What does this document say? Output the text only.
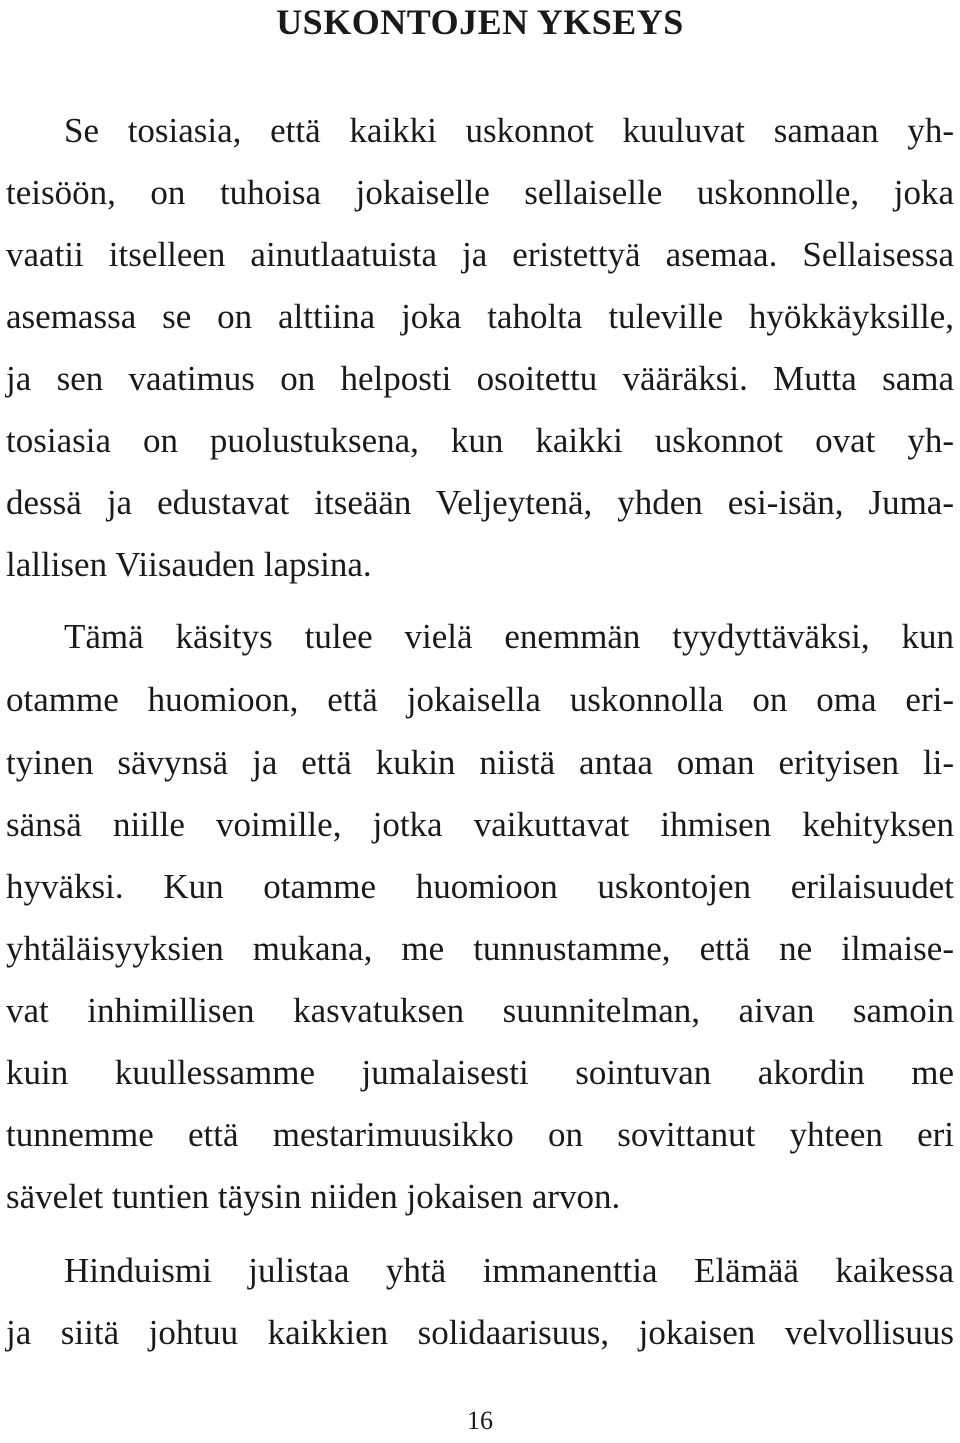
USKONTOJEN YKSEYS
Se tosiasia, että kaikki uskonnot kuuluvat samaan yh-
teisöön, on tuhoisa jokaiselle sellaiselle uskonnolle, joka
vaatii itselleen ainutlaatuista ja eristettyä asemaa. Sellaisessa
asemassa se on alttiina joka taholta tuleville hyökkäyksille,
ja sen vaatimus on helposti osoitettu vääräksi. Mutta sama
tosiasia on puolustuksena, kun kaikki uskonnot ovat yh-
dessä ja edustavat itseään Veljeytenä, yhden esi-isän, Juma-
lallisen Viisauden lapsina.
Tämä käsitys tulee vielä enemmän tyydyttäväksi, kun
otamme huomioon, että jokaisella uskonnolla on oma eri-
tyinen sävynsä ja että kukin niistä antaa oman erityisen li-
sänsä niille voimille, jotka vaikuttavat ihmisen kehityksen
hyväksi. Kun otamme huomioon uskontojen erilaisuudet
yhtäläisyyksien mukana, me tunnustamme, että ne ilmaise-
vat inhimillisen kasvatuksen suunnitelman, aivan samoin
kuin kuullessamme jumalaisesti sointuvan akordin me
tunnemme että mestarimuusikko on sovittanut yhteen eri
sävelet tuntien täysin niiden jokaisen arvon.
Hinduismi julistaa yhtä immanenttia Elämää kaikessa
ja siitä johtuu kaikkien solidaarisuus, jokaisen velvollisuus
16
